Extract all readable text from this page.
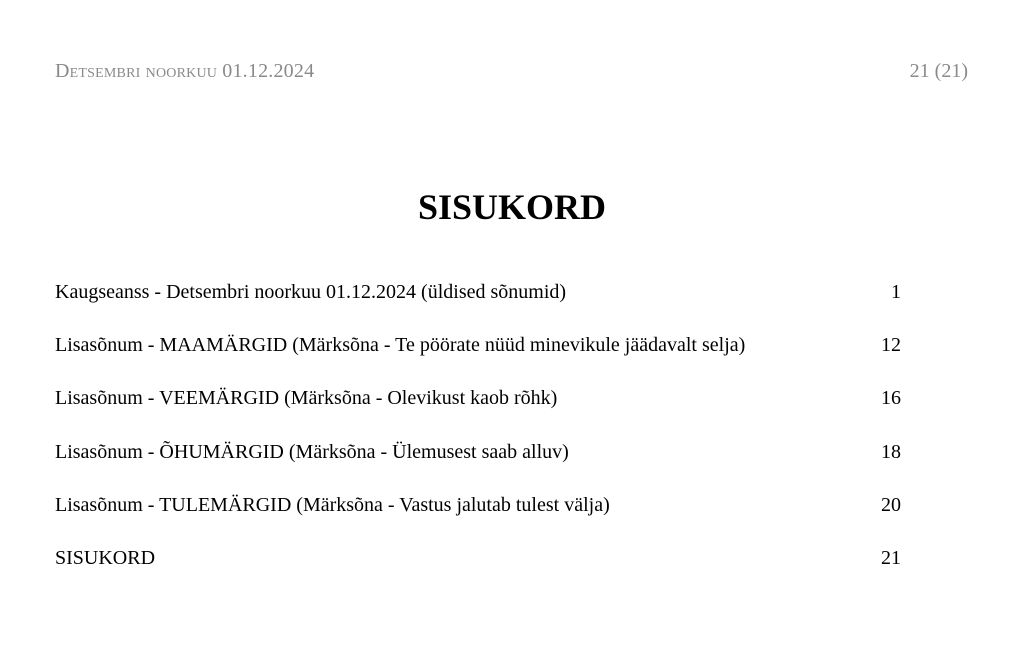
Detsembri noorkuu 01.12.2024	21 (21)
SISUKORD
Kaugseanss - Detsembri noorkuu 01.12.2024 (üldised sõnumid)	1
Lisasõnum - MAAMÄRGID (Märksõna - Te pöörate nüüd minevikule jäädavalt selja)	12
Lisasõnum - VEEMÄRGID (Märksõna - Olevikust kaob rõhk)	16
Lisasõnum - ÕHUMÄRGID (Märksõna - Ülemusest saab alluv)	18
Lisasõnum - TULEMÄRGID (Märksõna - Vastus jalutab tulest välja)	20
SISUKORD	21
